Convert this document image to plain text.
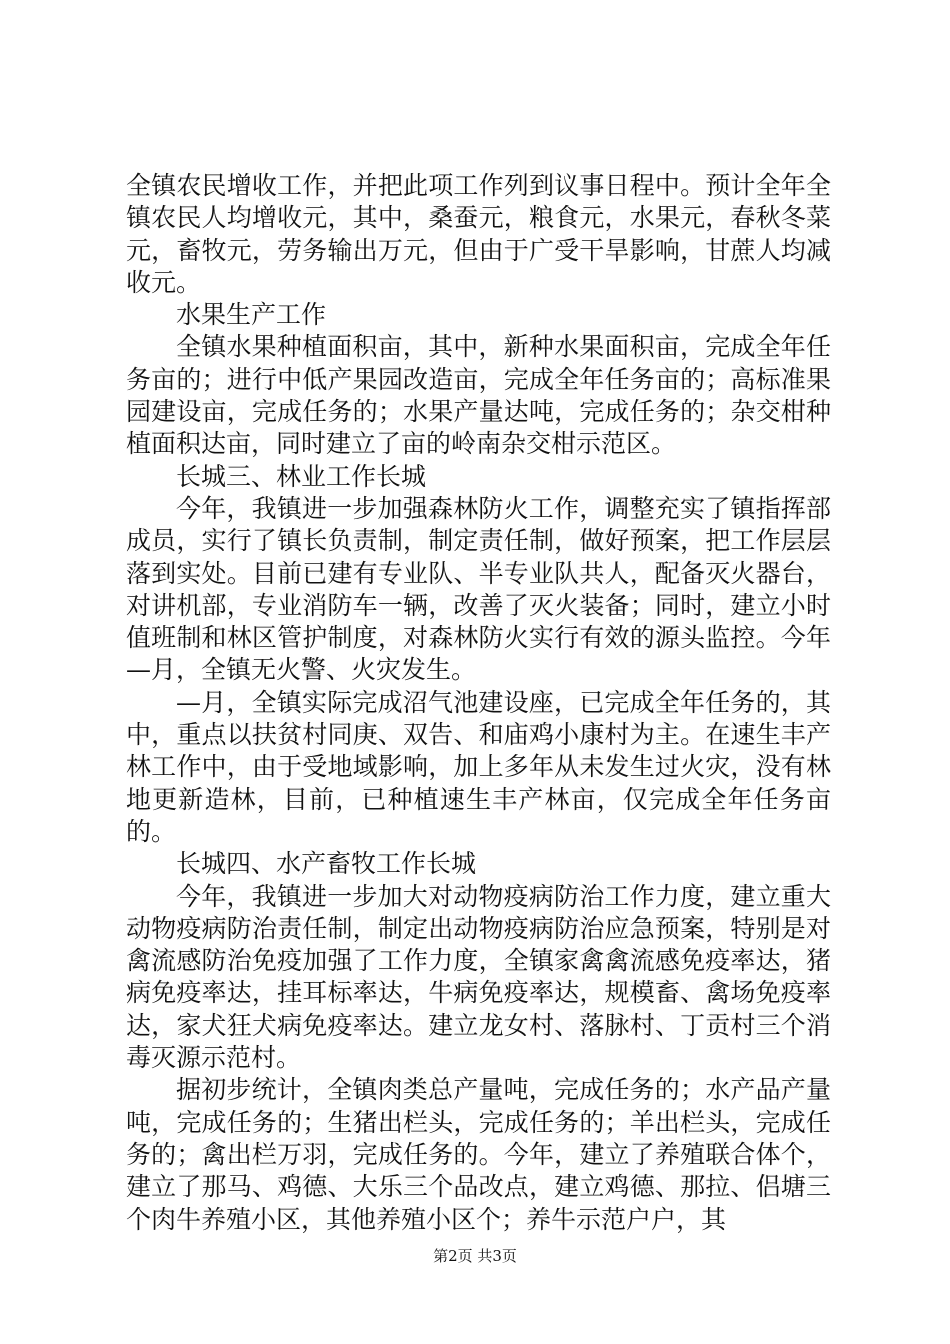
全镇农民增收工作，并把此项工作列到议事日程中。预计全年全镇农民人均增收元，其中，桑蚕元，粮食元，水果元，春秋冬菜元，畜牧元，劳务输出万元，但由于广受干旱影响，甘蔗人均减收元。

水果生产工作

全镇水果种植面积亩，其中，新种水果面积亩，完成全年任务亩的；进行中低产果园改造亩，完成全年任务亩的；高标准果园建设亩，完成任务的；水果产量达吨，完成任务的；杂交柑种植面积达亩，同时建立了亩的岭南杂交柑示范区。

长城三、林业工作长城

今年，我镇进一步加强森林防火工作，调整充实了镇指挥部成员，实行了镇长负责制，制定责任制，做好预案，把工作层层落到实处。目前已建有专业队、半专业队共人，配备灭火器台，对讲机部，专业消防车一辆，改善了灭火装备；同时，建立小时值班制和林区管护制度，对森林防火实行有效的源头监控。今年—月，全镇无火警、火灾发生。

—月，全镇实际完成沼气池建设座，已完成全年任务的，其中，重点以扶贫村同庚、双告、和庙鸡小康村为主。在速生丰产林工作中，由于受地域影响，加上多年从未发生过火灾，没有林地更新造林，目前，已种植速生丰产林亩，仅完成全年任务亩的。

长城四、水产畜牧工作长城

今年，我镇进一步加大对动物疫病防治工作力度，建立重大动物疫病防治责任制，制定出动物疫病防治应急预案，特别是对禽流感防治免疫加强了工作力度，全镇家禽禽流感免疫率达，猪病免疫率达，挂耳标率达，牛病免疫率达，规模畜、禽场免疫率达，家犬狂犬病免疫率达。建立龙女村、落脉村、丁贡村三个消毒灭源示范村。

据初步统计，全镇肉类总产量吨，完成任务的；水产品产量吨，完成任务的；生猪出栏头，完成任务的；羊出栏头，完成任务的；禽出栏万羽，完成任务的。今年，建立了养殖联合体个，建立了那马、鸡德、大乐三个品改点，建立鸡德、那拉、侣塘三个肉牛养殖小区，其他养殖小区个；养牛示范户户，其

第2页 共3页
